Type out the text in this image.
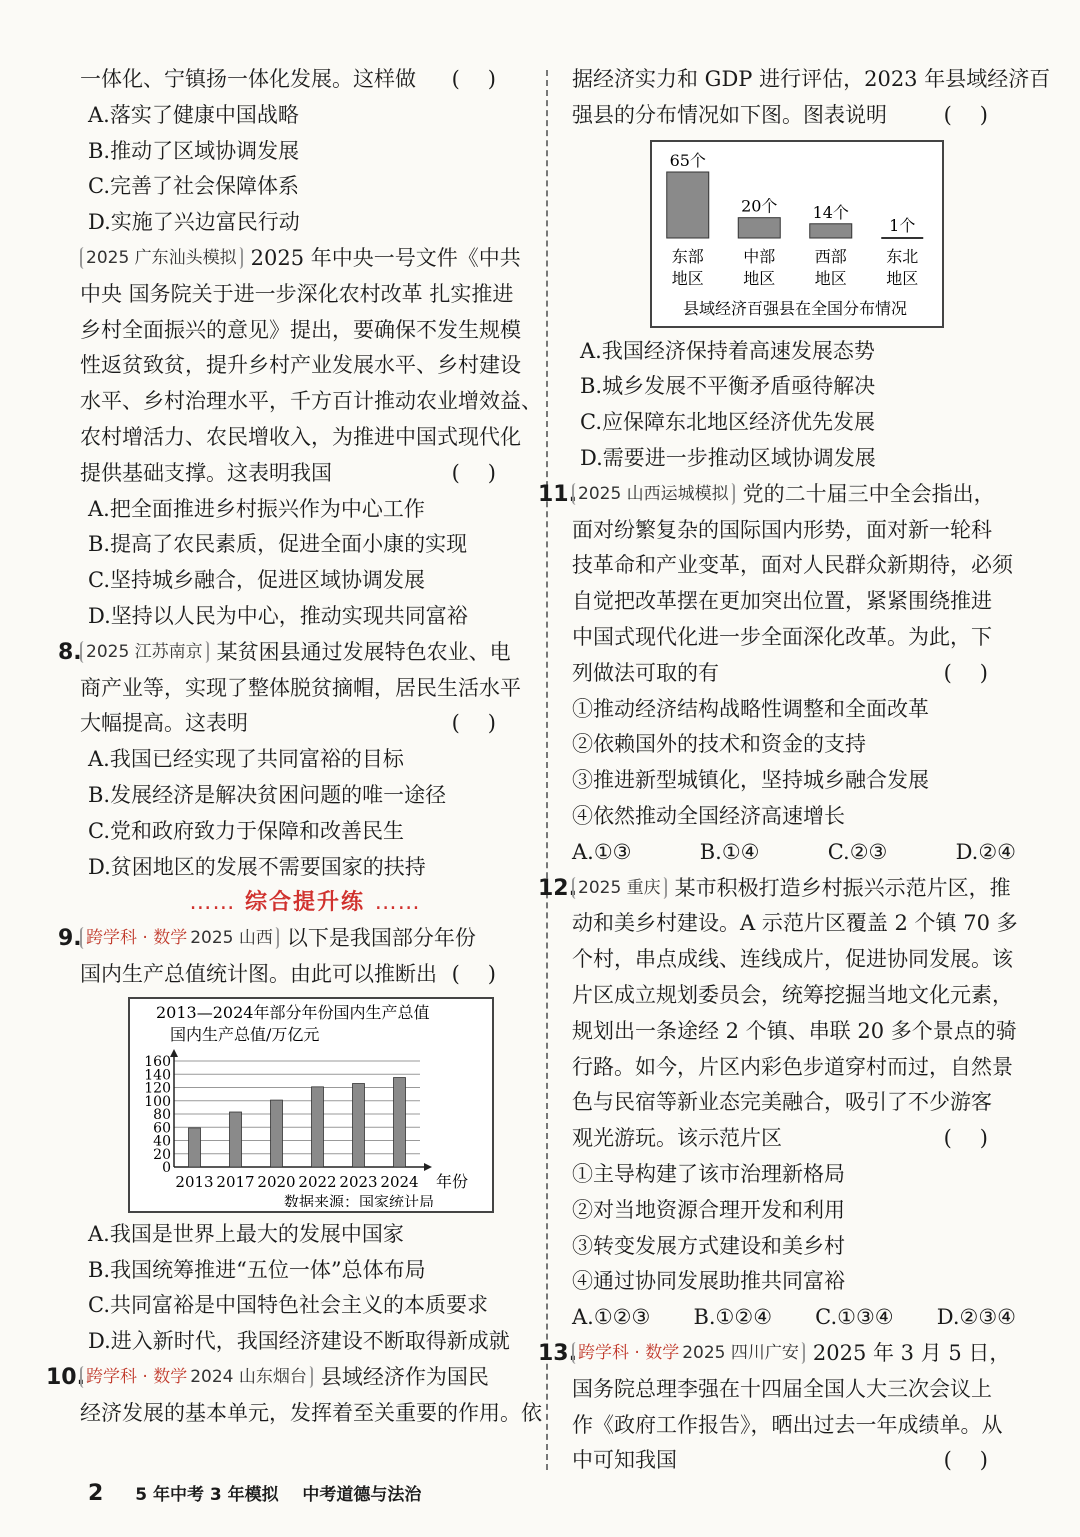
一体化、宁镇扬一体化发展。这样做 ()
A.落实了健康中国战略
B.推动了区域协调发展
C.完善了社会保障体系
D.实施了兴边富民行动
2025 广东汕头模拟 2025 年中央一号文件《中共
中央 国务院关于进一步深化农村改革 扎实推进
乡村全面振兴的意见》提出，要确保不发生规模
性返贫致贫，提升乡村产业发展水平、乡村建设
水平、乡村治理水平，千方百计推动农业增效益、
农村增活力、农民增收入，为推进中国式现代化
提供基础支撑。这表明我国	()
A.把全面推进乡村振兴作为中心工作
B.提高了农民素质，促进全面小康的实现
C.坚持城乡融合，促进区域协调发展
D.坚持以人民为中心，推动实现共同富裕
8. 2025 江苏南京 某贫困县通过发展特色农业、电
商产业等，实现了整体脱贫摘帽，居民生活水平
大幅提高。这表明	()
A.我国已经实现了共同富裕的目标
B.发展经济是解决贫困问题的唯一途径
C.党和政府致力于保障和改善民生
D.贫困地区的发展不需要国家的扶持
…… 综合提升练 ……
9. 跨学科 · 数学 2025 山西 以下是我国部分年份
国内生产总值统计图。由此可以推断出 ()
2013—2024年部分年份国内生产总值
国内生产总值/万亿元
0
20
40
60
80
100
120
140
160
2013 2017 2020 2022 2023 2024 年份
数据来源：国家统计局
A.我国是世界上最大的发展中国家
B.我国统筹推进“五位一体”总体布局
C.共同富裕是中国特色社会主义的本质要求
D.进入新时代，我国经济建设不断取得新成就
10.跨学科 · 数学 2024 山东烟台 县域经济作为国民
经济发展的基本单元，发挥着至关重要的作用。依
据经济实力和 GDP 进行评估，2023 年县域经济百
强县的分布情况如下图。图表说明	()
65个
东部
地区
20个
中部
地区
14个
西部
地区
1个
东北
地区
县域经济百强县在全国分布情况
A.我国经济保持着高速发展态势
B.城乡发展不平衡矛盾亟待解决
C.应保障东北地区经济优先发展
D.需要进一步推动区域协调发展
11.2025 山西运城模拟 党的二十届三中全会指出，
面对纷繁复杂的国际国内形势，面对新一轮科
技革命和产业变革，面对人民群众新期待，必须
自觉把改革摆在更加突出位置，紧紧围绕推进
中国式现代化进一步全面深化改革。为此，下
列做法可取的有	()
①推动经济结构战略性调整和全面改革
②依赖国外的技术和资金的支持
③推进新型城镇化，坚持城乡融合发展
④依然推动全国经济高速增长
A.①③	B.①④	C.②③	D.②④
12.2025 重庆 某市积极打造乡村振兴示范片区，推
动和美乡村建设。A 示范片区覆盖 2 个镇 70 多
个村，串点成线、连线成片，促进协同发展。该
片区成立规划委员会，统筹挖掘当地文化元素，
规划出一条途经 2 个镇、串联 20 多个景点的骑
行路。如今，片区内彩色步道穿村而过，自然景
色与民宿等新业态完美融合，吸引了不少游客
观光游玩。该示范片区	()
①主导构建了该市治理新格局
②对当地资源合理开发和利用
③转变发展方式建设和美乡村
④通过协同发展助推共同富裕
A.①②③ B.①②④ C.①③④ D.②③④
13.跨学科 · 数学 2025 四川广安 2025 年 3 月 5 日，
国务院总理李强在十四届全国人大三次会议上
作《政府工作报告》，晒出过去一年成绩单。从
中可知我国	()
2 5 年中考 3 年模拟 中考道德与法治
